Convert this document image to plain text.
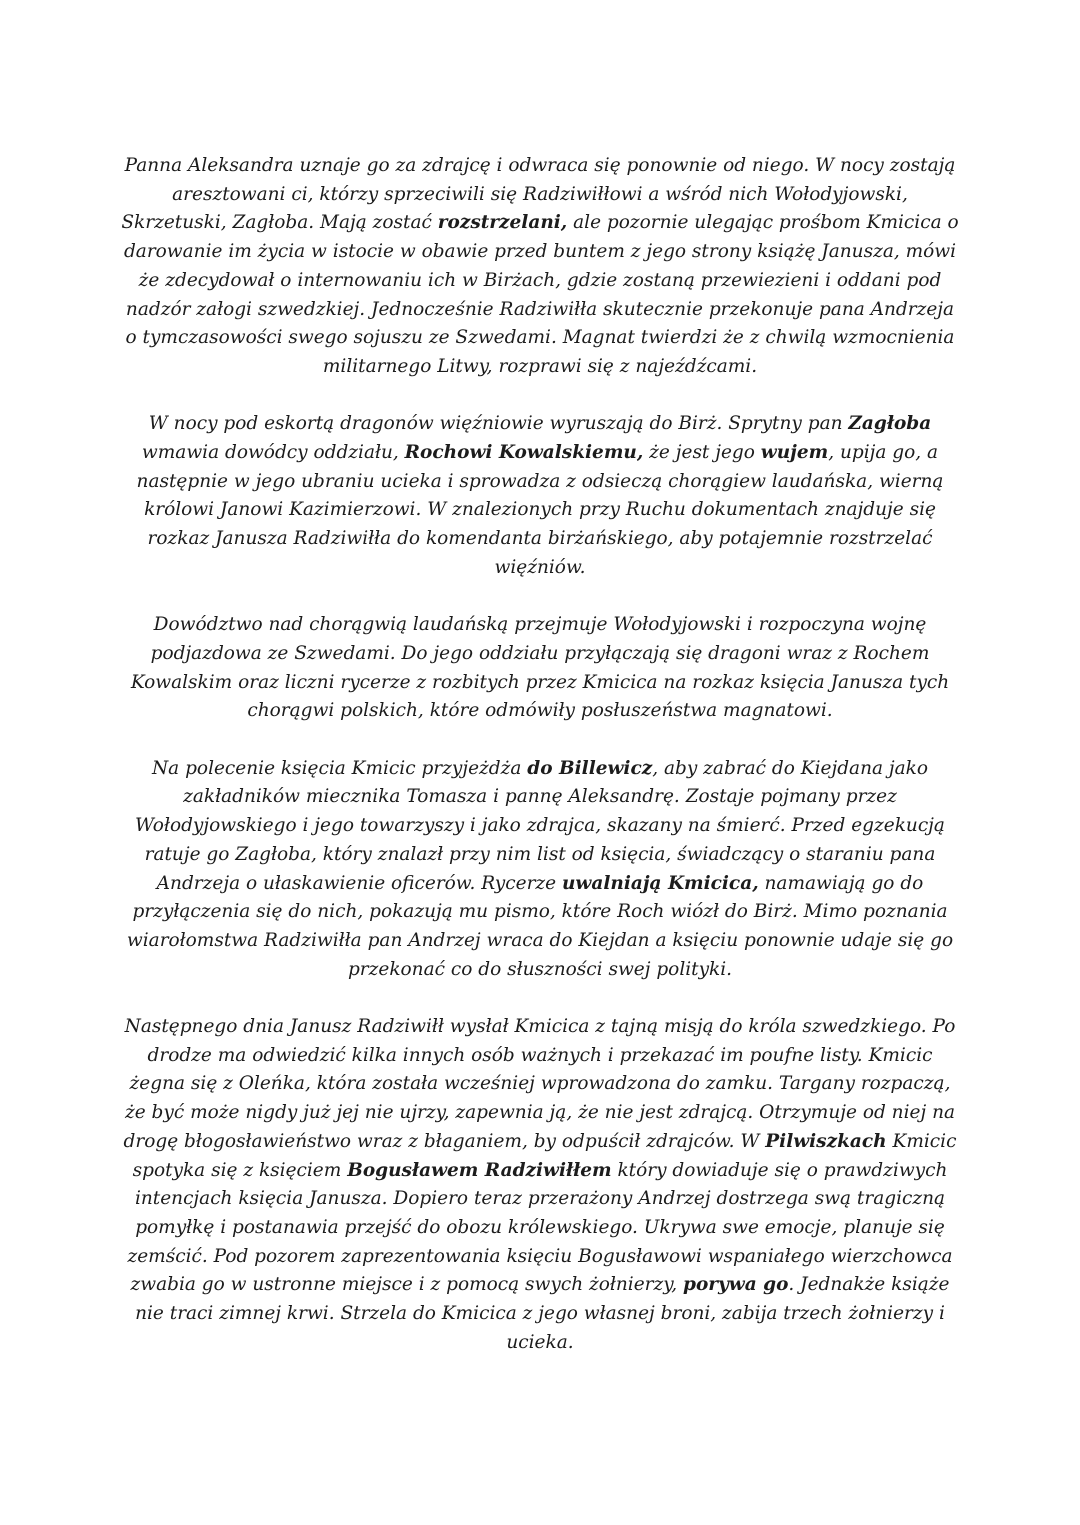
Panna Aleksandra uznaje go za zdrajcę i odwraca się ponownie od niego. W nocy zostają aresztowani ci, którzy sprzeciwili się Radziwiłłowi a wśród nich Wołodyjowski, Skrzetuski, Zagłoba. Mają zostać rozstrzelani, ale pozornie ulegając prośbom Kmicica o darowanie im życia w istocie w obawie przed buntem z jego strony książę Janusza, mówi że zdecydował o internowaniu ich w Birżach, gdzie zostaną przewiezieni i oddani pod nadzór załogi szwedzkiej. Jednocześnie Radziwiłła skutecznie przekonuje pana Andrzeja o tymczasowości swego sojuszu ze Szwedami. Magnat twierdzi że z chwilą wzmocnienia militarnego Litwy, rozprawi się z najeźdźcami.

W nocy pod eskortą dragonów więźniowie wyruszają do Birż. Sprytny pan Zagłoba wmawia dowódcy oddziału, Rochowi Kowalskiemu, że jest jego wujem, upija go, a następnie w jego ubraniu ucieka i sprowadza z odsieczą chorągiew laudańska, wierną królowi Janowi Kazimierzowi. W znalezionych przy Ruchu dokumentach znajduje się rozkaz Janusza Radziwiłła do komendanta birżańskiego, aby potajemnie rozstrzelać więźniów.

Dowództwo nad chorągwią laudańską przejmuje Wołodyjowski i rozpoczyna wojnę podjazdowa ze Szwedami. Do jego oddziału przyłączają się dragoni wraz z Rochem Kowalskim oraz liczni rycerze z rozbitych przez Kmicica na rozkaz księcia Janusza tych chorągwi polskich, które odmówiły posłuszeństwa magnatowi.

Na polecenie księcia Kmicic przyjeżdża do Billewicz, aby zabrać do Kiejdana jako zakładników miecznika Tomasza i pannę Aleksandrę. Zostaje pojmany przez Wołodyjowskiego i jego towarzyszy i jako zdrajca, skazany na śmierć. Przed egzekucją ratuje go Zagłoba, który znalazł przy nim list od księcia, świadczący o staraniu pana Andrzeja o ułaskawienie oficerów. Rycerze uwalniają Kmicica, namawiają go do przyłączenia się do nich, pokazują mu pismo, które Roch wiózł do Birż. Mimo poznania wiarołomstwa Radziwiłła pan Andrzej wraca do Kiejdan a księciu ponownie udaje się go przekonać co do słuszności swej polityki.

Następnego dnia Janusz Radziwiłł wysłał Kmicica z tajną misją do króla szwedzkiego. Po drodze ma odwiedzić kilka innych osób ważnych i przekazać im poufne listy. Kmicic żegna się z Oleńka, która została wcześniej wprowadzona do zamku. Targany rozpaczą, że być może nigdy już jej nie ujrzy, zapewnia ją, że nie jest zdrajcą. Otrzymuje od niej na drogę błogosławieństwo wraz z błaganiem, by odpuścił zdrajców. W Pilwiszkach Kmicic spotyka się z księciem Bogusławem Radziwiłłem który dowiaduje się o prawdziwych intencjach księcia Janusza. Dopiero teraz przerażony Andrzej dostrzega swą tragiczną pomyłkę i postanawia przejść do obozu królewskiego. Ukrywa swe emocje, planuje się zemścić. Pod pozorem zaprezentowania księciu Bogusławowi wspaniałego wierzchowca zwabia go w ustronne miejsce i z pomocą swych żołnierzy, porywa go. Jednakże książe nie traci zimnej krwi. Strzela do Kmicica z jego własnej broni, zabija trzech żołnierzy i ucieka.
